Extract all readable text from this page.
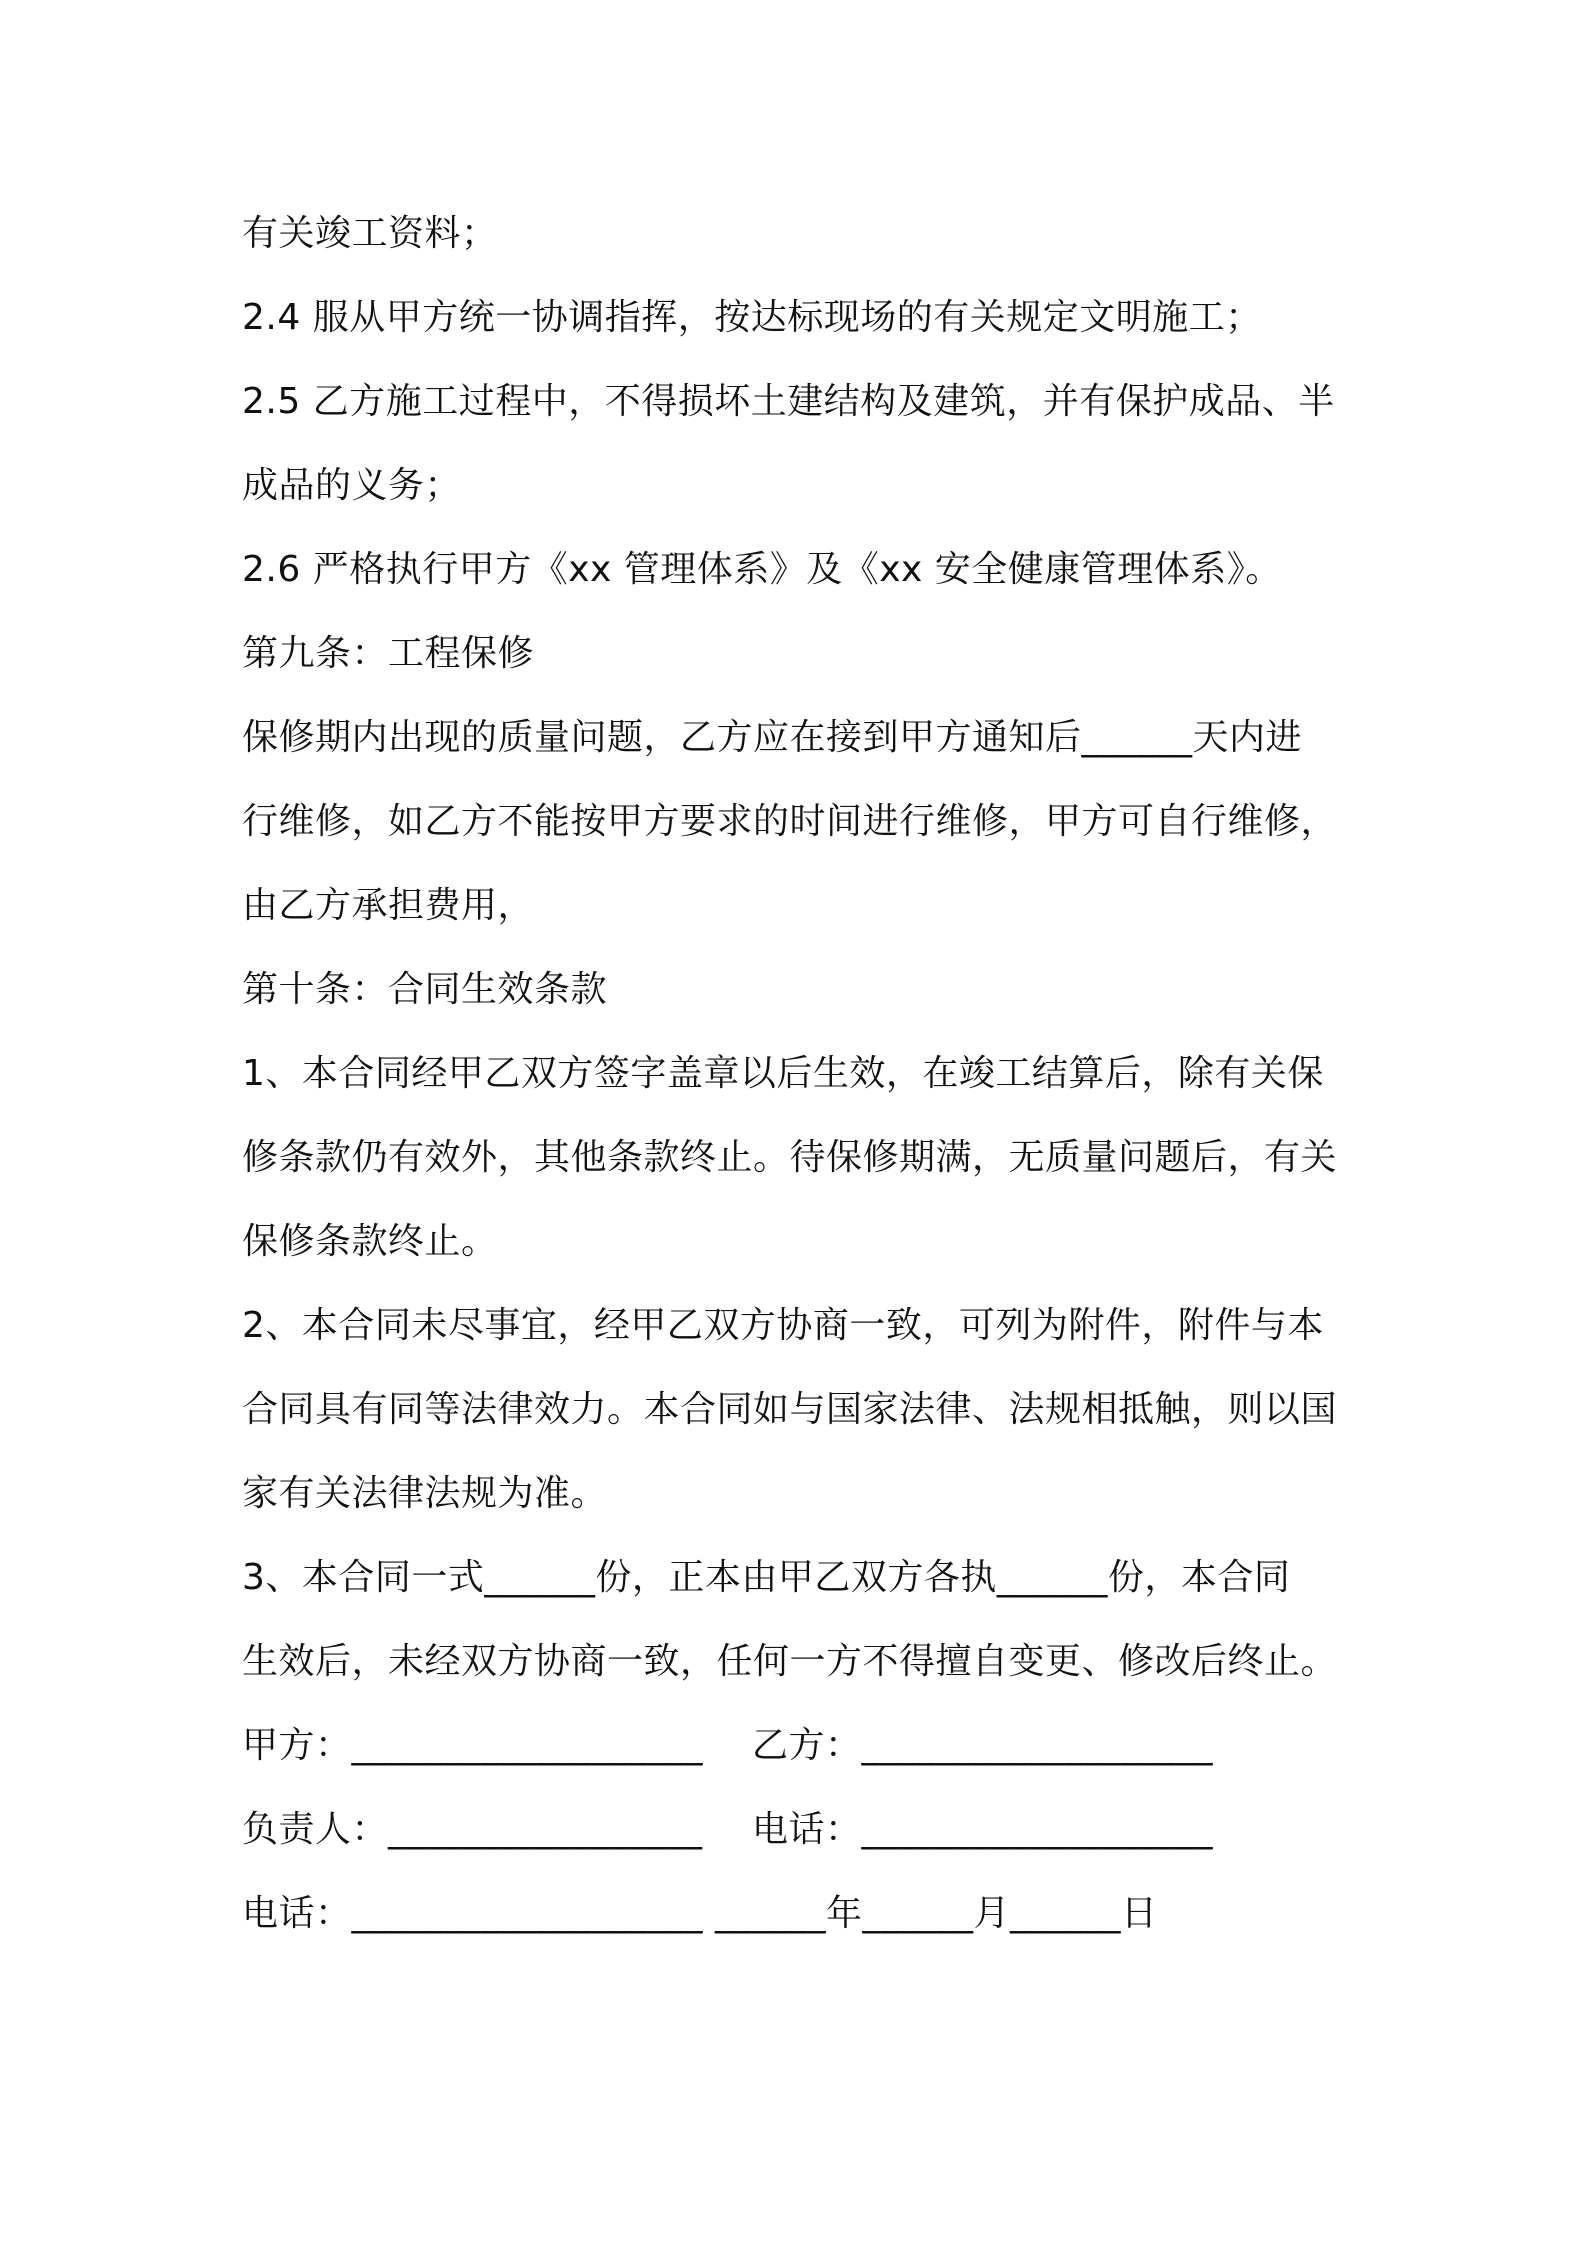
有关竣工资料；
2.4 服从甲方统一协调指挥，按达标现场的有关规定文明施工；
2.5 乙方施工过程中，不得损坏土建结构及建筑，并有保护成品、半
成品的义务；
2.6 严格执行甲方《xx 管理体系》及《xx 安全健康管理体系》。
第九条：工程保修
保修期内出现的质量问题，乙方应在接到甲方通知后______天内进
行维修，如乙方不能按甲方要求的时间进行维修，甲方可自行维修，
由乙方承担费用，
第十条：合同生效条款
1、本合同经甲乙双方签字盖章以后生效，在竣工结算后，除有关保
修条款仍有效外，其他条款终止。待保修期满，无质量问题后，有关
保修条款终止。
2、本合同未尽事宜，经甲乙双方协商一致，可列为附件，附件与本
合同具有同等法律效力。本合同如与国家法律、法规相抵触，则以国
家有关法律法规为准。
3、本合同一式______份，正本由甲乙双方各执______份，本合同
生效后，未经双方协商一致，任何一方不得擅自变更、修改后终止。
甲方：___________________ 乙方：___________________
负责人：_________________ 电话：___________________
电话：___________________ ______年______月______日
